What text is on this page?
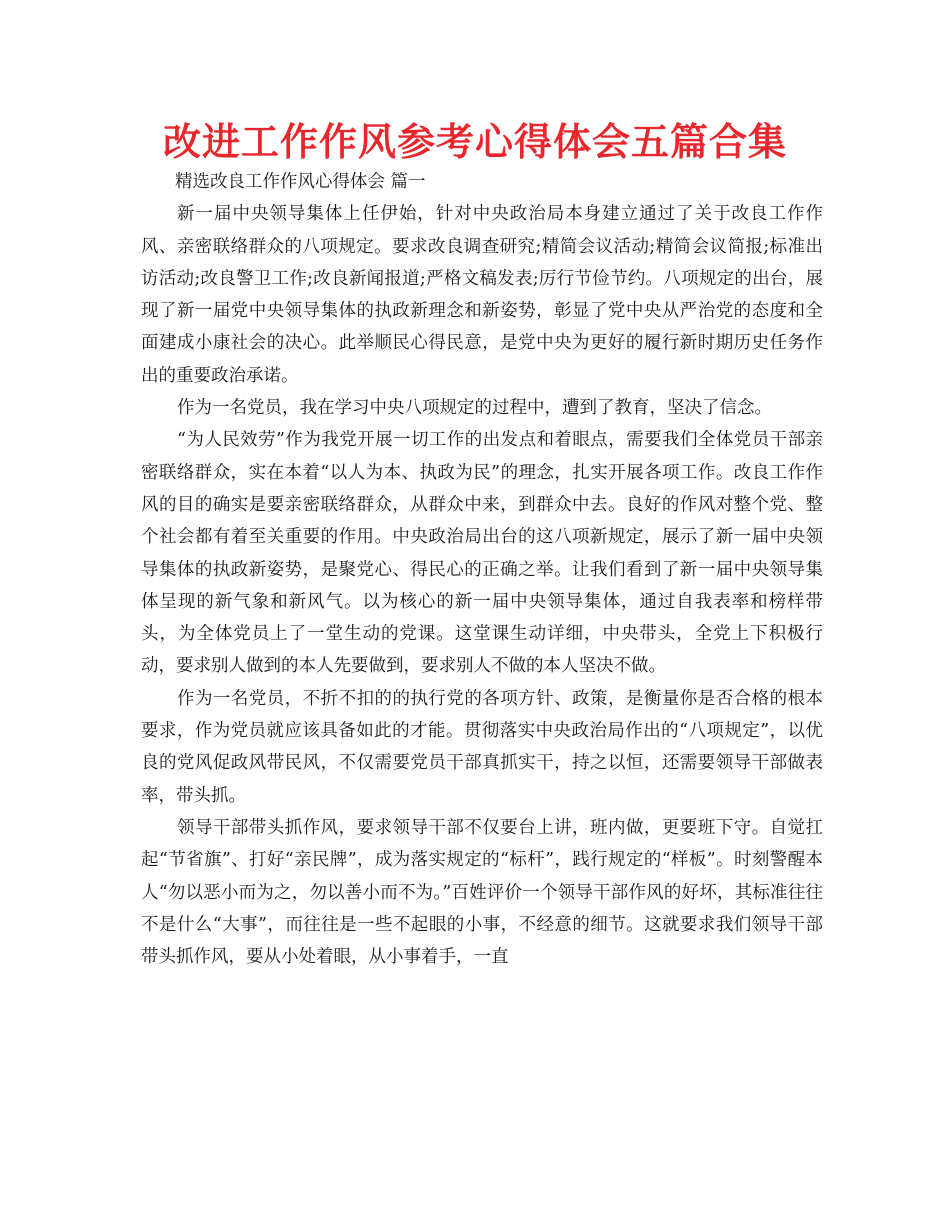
改进工作作风参考心得体会五篇合集

精选改良工作作风心得体会 篇一

新一届中央领导集体上任伊始，针对中央政治局本身建立通过了关于改良工作作风、亲密联络群众的八项规定。要求改良调查研究;精简会议活动;精简会议简报;标准出访活动;改良警卫工作;改良新闻报道;严格文稿发表;厉行节俭节约。八项规定的出台，展现了新一届党中央领导集体的执政新理念和新姿势，彰显了党中央从严治党的态度和全面建成小康社会的决心。此举顺民心得民意，是党中央为更好的履行新时期历史任务作出的重要政治承诺。

作为一名党员，我在学习中央八项规定的过程中，遭到了教育，坚决了信念。

“为人民效劳”作为我党开展一切工作的出发点和着眼点，需要我们全体党员干部亲密联络群众，实在本着“以人为本、执政为民”的理念，扎实开展各项工作。改良工作作风的目的确实是要亲密联络群众，从群众中来，到群众中去。良好的作风对整个党、整个社会都有着至关重要的作用。中央政治局出台的这八项新规定，展示了新一届中央领导集体的执政新姿势，是聚党心、得民心的正确之举。让我们看到了新一届中央领导集体呈现的新气象和新风气。以为核心的新一届中央领导集体，通过自我表率和榜样带头，为全体党员上了一堂生动的党课。这堂课生动详细，中央带头，全党上下积极行动，要求别人做到的本人先要做到，要求别人不做的本人坚决不做。

作为一名党员，不折不扣的的执行党的各项方针、政策，是衡量你是否合格的根本要求，作为党员就应该具备如此的才能。贯彻落实中央政治局作出的“八项规定”，以优良的党风促政风带民风，不仅需要党员干部真抓实干，持之以恒，还需要领导干部做表率，带头抓。

领导干部带头抓作风，要求领导干部不仅要台上讲，班内做，更要班下守。自觉扛起“节省旗”、打好“亲民牌”，成为落实规定的“标杆”，践行规定的“样板”。时刻警醒本人“勿以恶小而为之，勿以善小而不为。”百姓评价一个领导干部作风的好坏，其标准往往不是什么“大事”，而往往是一些不起眼的小事，不经意的细节。这就要求我们领导干部带头抓作风，要从小处着眼，从小事着手，一直
